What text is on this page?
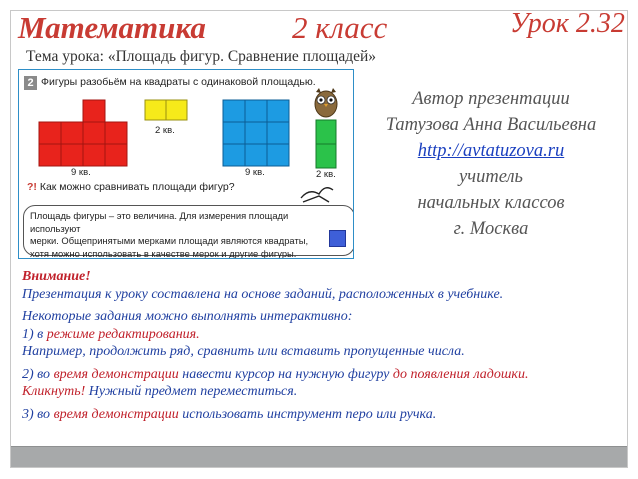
Математика	2 класс	Урок 2.32
Тема урока: «Площадь фигур. Сравнение площадей»
2 Фигуры разобьём на квадраты с одинаковой площадью.
9 кв.
2 кв.
9 кв.	2 кв.
?! Как можно сравнивать площади фигур?
Площадь фигуры – это величина. Для измерения площади используют
мерки. Общепринятыми мерками площади являются квадраты,
хотя можно использовать в качестве мерок и другие фигуры.
Автор презентации
Татузова Анна Васильевна
http://avtatuzova.ru
учитель
начальных классов
г. Москва

Внимание!

Презентация к уроку составлена на основе заданий, расположенных в учебнике.

Некоторые задания можно выполнять интерактивно:

1) в режиме редактирования.

Например, продолжить ряд, сравнить или вставить пропущенные числа.

2) во время демонстрации навести курсор на нужную фигуру до появления ладошки.

Кликнуть! Нужный предмет переместиться.

3) во время демонстрации использовать инструмент перо или ручка.
